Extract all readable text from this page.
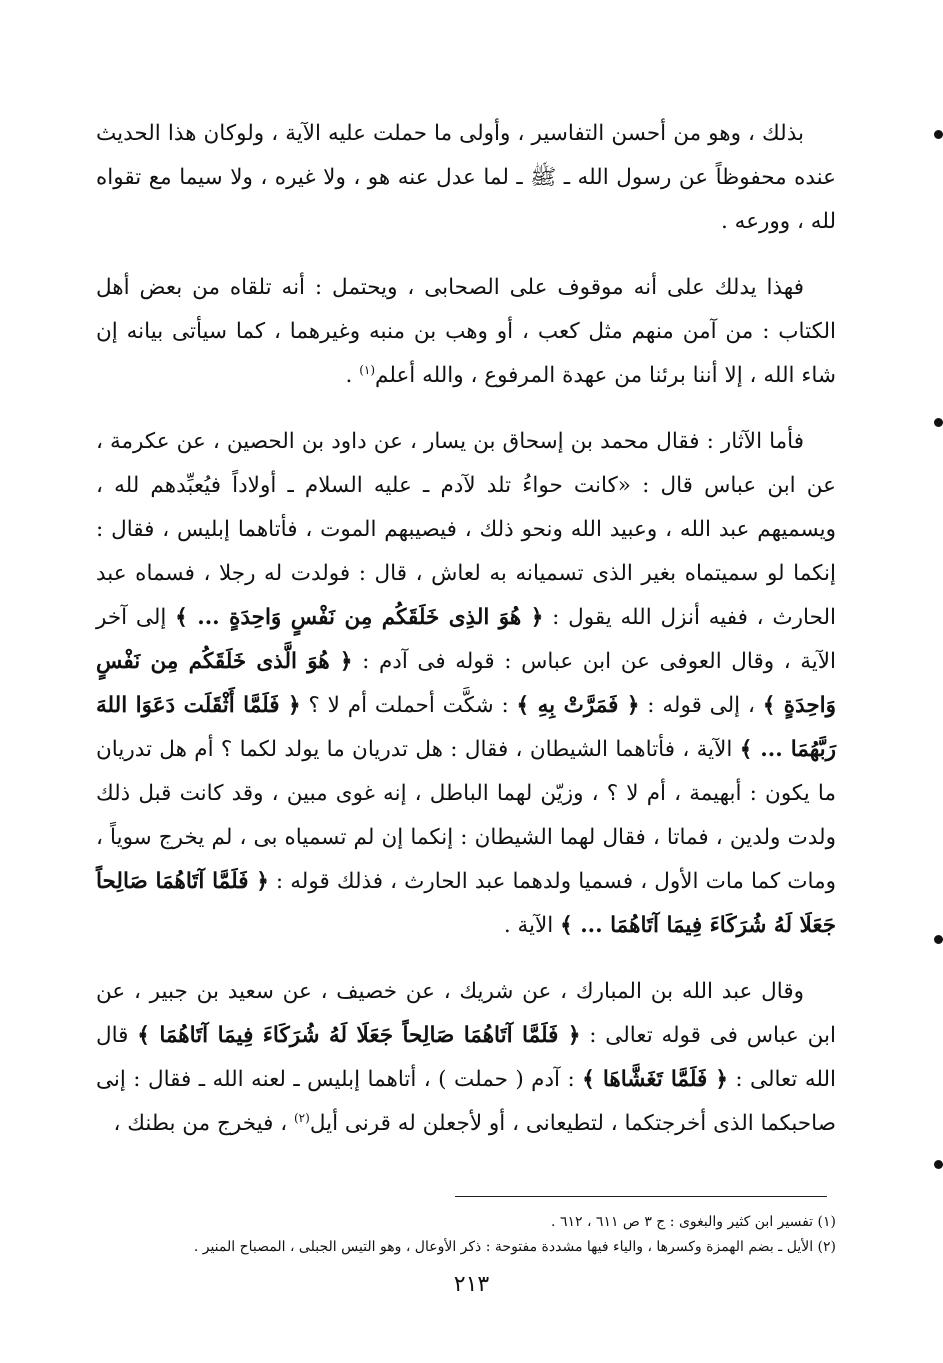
بذلك ، وهو من أحسن التفاسير ، وأولى ما حملت عليه الآية ، ولوكان هذا الحديث عنده محفوظاً عن رسول الله ـ ﷺ ـ لما عدل عنه هو ، ولا غيره ، ولا سيما مع تقواه لله ، وورعه .

فهذا يدلك على أنه موقوف على الصحابى ، ويحتمل : أنه تلقاه من بعض أهل الكتاب : من آمن منهم مثل كعب ، أو وهب بن منبه وغيرهما ، كما سيأتى بيانه إن شاء الله ، إلا أننا برئنا من عهدة المرفوع ، والله أعلم$^{(١)}$ .

فأما الآثار : فقال محمد بن إسحاق بن يسار ، عن داود بن الحصين ، عن عكرمة ، عن ابن عباس قال : «كانت حواءُ تلد لآدم ـ عليه السلام ـ أولاداً فيُعبِّدهم لله ، ويسميهم عبد الله ، وعبيد الله ونحو ذلك ، فيصيبهم الموت ، فأتاهما إبليس ، فقال : إنكما لو سميتماه بغير الذى تسميانه به لعاش ، قال : فولدت له رجلا ، فسماه عبد الحارث ، ففيه أنزل الله يقول : ﴿ هُوَ الذِى خَلَقَكُم مِن نَفْسٍ وَاحِدَةٍ ... ﴾ إلى آخر الآية ، وقال العوفى عن ابن عباس : قوله فى آدم : ﴿ هُوَ الَّذى خَلَقَكُم مِن نَفْسٍ وَاحِدَةٍ ﴾ ، إلى قوله : ﴿ فَمَرَّتْ بِهِ ﴾ : شكَّت أحملت أم لا ؟ ﴿ فَلَمَّا أَثْقَلَت دَعَوَا اللهَ رَبَّهُمَا ... ﴾ الآية ، فأتاهما الشيطان ، فقال : هل تدريان ما يولد لكما ؟ أم هل تدريان ما يكون : أبهيمة ، أم لا ؟ ، وزيّن لهما الباطل ، إنه غوى مبين ، وقد كانت قبل ذلك ولدت ولدين ، فماتا ، فقال لهما الشيطان : إنكما إن لم تسمياه بى ، لم يخرج سوياً ، ومات كما مات الأول ، فسميا ولدهما عبد الحارث ، فذلك قوله : ﴿ فَلَمَّا آتَاهُمَا صَالِحاً جَعَلَا لَهُ شُرَكَاءَ فِيمَا آتَاهُمَا ... ﴾ الآية .

وقال عبد الله بن المبارك ، عن شريك ، عن خصيف ، عن سعيد بن جبير ، عن ابن عباس فى قوله تعالى : ﴿ فَلَمَّا آتَاهُمَا صَالِحاً جَعَلَا لَهُ شُرَكَاءَ فِيمَا آتَاهُمَا ﴾ قال الله تعالى : ﴿ فَلَمَّا تَغَشَّاهَا ﴾ : آدم ( حملت ) ، أتاهما إبليس ـ لعنه الله ـ فقال : إنى صاحبكما الذى أخرجتكما ، لتطيعانى ، أو لأجعلن له قرنى أيل$^{(٢)}$ ، فيخرج من بطنك ،

(١) تفسير ابن كثير والبغوى : ج ٣ ص ٦١١ ، ٦١٢ .

(٢) الأيل ـ بضم الهمزة وكسرها ، والياء فيها مشددة مفتوحة : ذكر الأوعال ، وهو التيس الجبلى ، المصباح المنير .

٢١٣
